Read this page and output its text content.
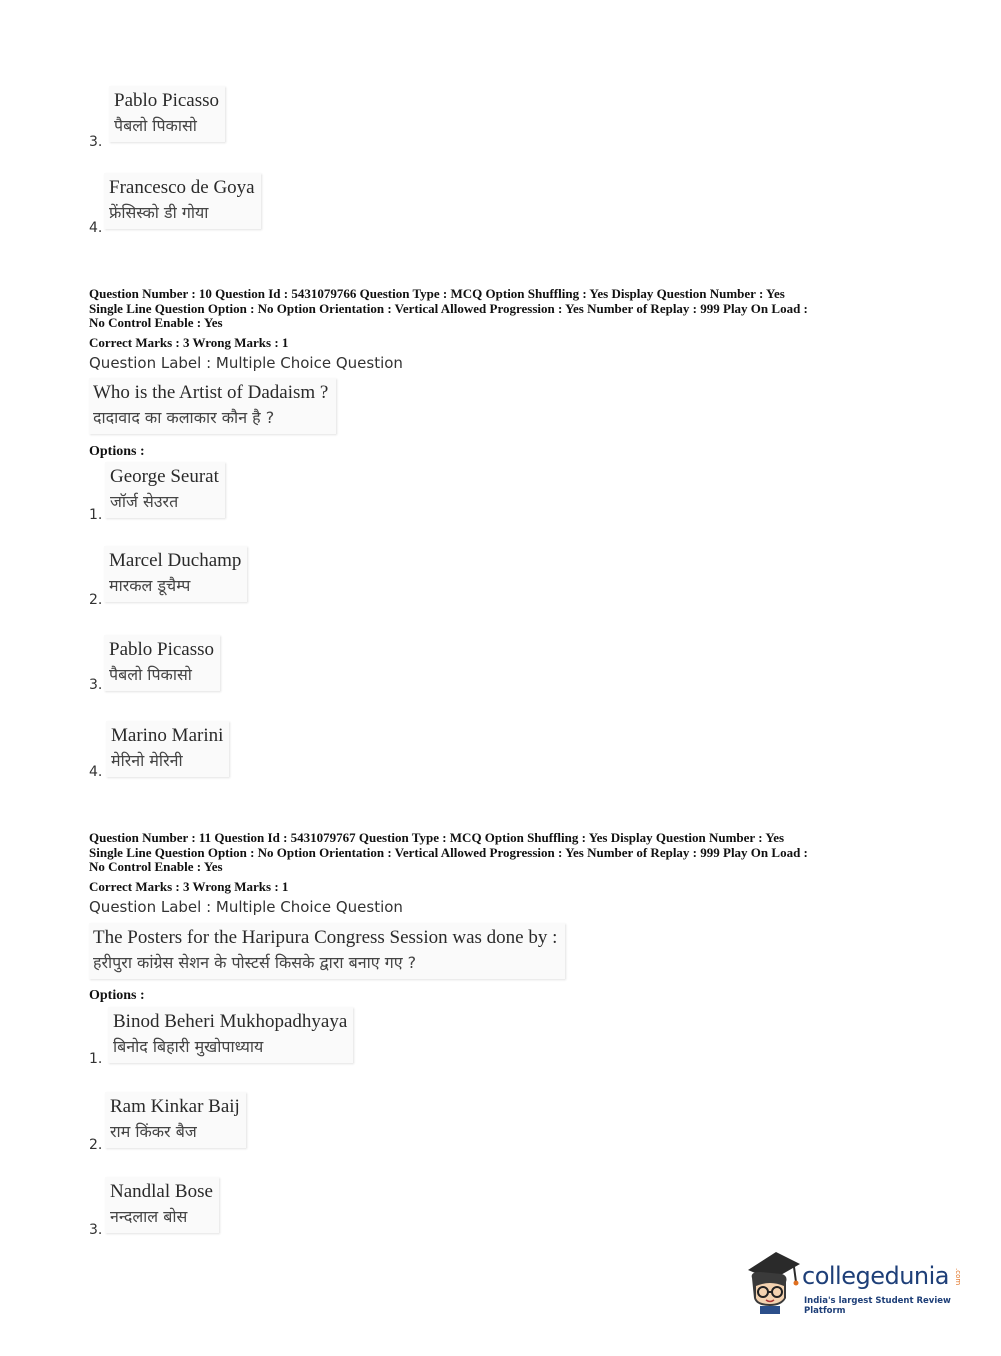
Pablo Picasso
पैबलो पिकासो
3.
Francesco de Goya
फ्रेंसिस्को डी गोया
4.
Question Number : 10 Question Id : 5431079766 Question Type : MCQ Option Shuffling : Yes Display Question Number : Yes
Single Line Question Option : No Option Orientation : Vertical Allowed Progression : Yes Number of Replay : 999 Play On Load :
No Control Enable : Yes
Correct Marks : 3 Wrong Marks : 1
Question Label : Multiple Choice Question
Who is the Artist of Dadaism ?
दादावाद का कलाकार कौन है ?
Options :
George Seurat
जॉर्ज सेउरत
1.
Marcel Duchamp
मारकल डूचैम्प
2.
Pablo Picasso
पैबलो पिकासो
3.
Marino Marini
मेरिनो मेरिनी
4.
Question Number : 11 Question Id : 5431079767 Question Type : MCQ Option Shuffling : Yes Display Question Number : Yes
Single Line Question Option : No Option Orientation : Vertical Allowed Progression : Yes Number of Replay : 999 Play On Load :
No Control Enable : Yes
Correct Marks : 3 Wrong Marks : 1
Question Label : Multiple Choice Question
The Posters for the Haripura Congress Session was done by :
हरीपुरा कांग्रेस सेशन के पोस्टर्स किसके द्वारा बनाए गए ?
Options :
Binod Beheri Mukhopadhyaya
बिनोद बिहारी मुखोपाध्याय
1.
Ram Kinkar Baij
राम किंकर बैज
2.
Nandlal Bose
नन्दलाल बोस
3.
collegedunia .com
India's largest Student Review Platform
